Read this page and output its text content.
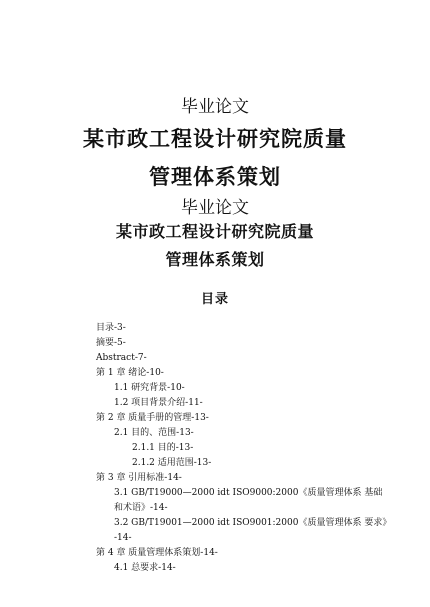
毕业论文
某市政工程设计研究院质量
管理体系策划
毕业论文
某市政工程设计研究院质量
管理体系策划
目录
目录-3-
摘要-5-
Abstract-7-
第 1 章 绪论-10-
1.1 研究背景-10-
1.2 项目背景介绍-11-
第 2 章 质量手册的管理-13-
2.1 目的、范围-13-
2.1.1 目的-13-
2.1.2 适用范围-13-
第 3 章 引用标准-14-
3.1 GB/T19000—2000 idt ISO9000:2000《质量管理体系 基础
和术语》-14-
3.2 GB/T19001—2000 idt ISO9001:2000《质量管理体系 要求》
-14-
第 4 章 质量管理体系策划-14-
4.1 总要求-14-
